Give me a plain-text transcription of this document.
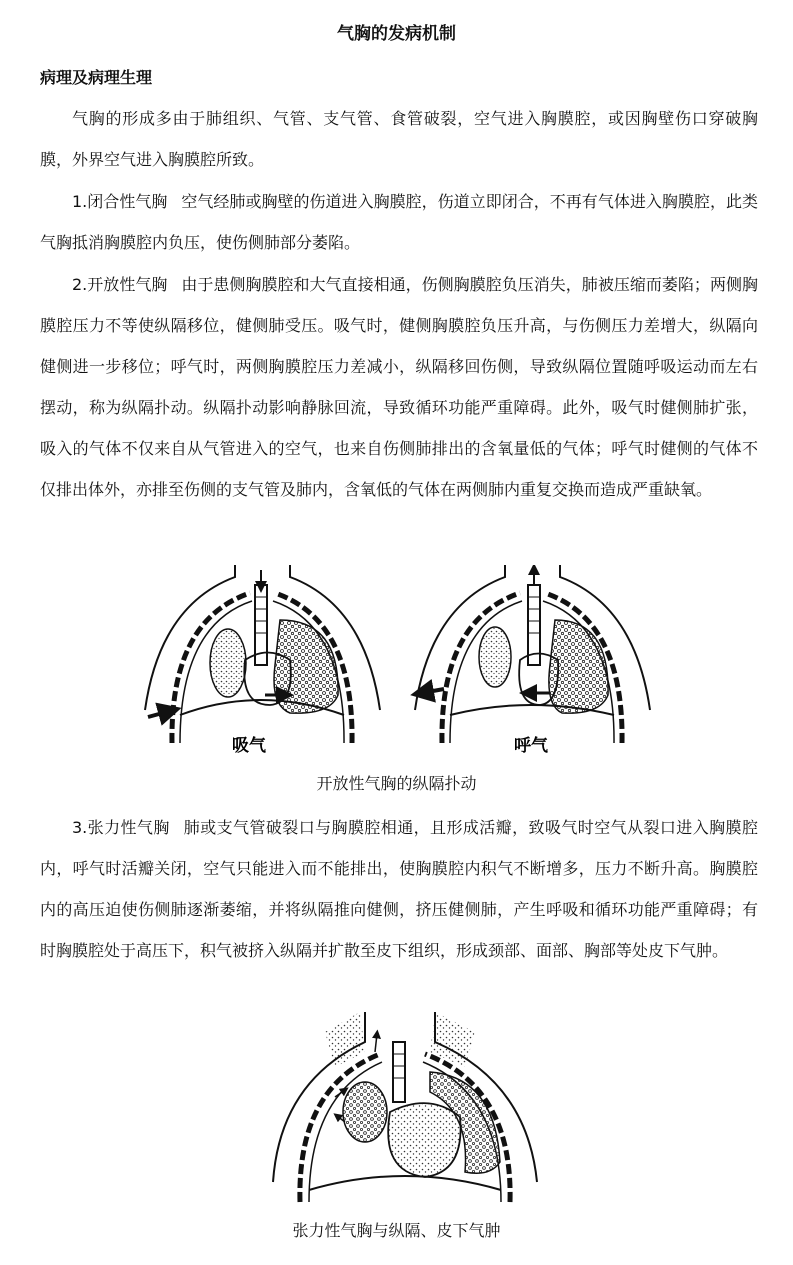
气胸的发病机制
病理及病理生理

气胸的形成多由于肺组织、气管、支气管、食管破裂，空气进入胸膜腔，或因胸壁伤口穿破胸膜，外界空气进入胸膜腔所致。

1.闭合性气胸 空气经肺或胸壁的伤道进入胸膜腔，伤道立即闭合，不再有气体进入胸膜腔，此类气胸抵消胸膜腔内负压，使伤侧肺部分萎陷。

2.开放性气胸 由于患侧胸膜腔和大气直接相通，伤侧胸膜腔负压消失，肺被压缩而萎陷；两侧胸膜腔压力不等使纵隔移位，健侧肺受压。吸气时，健侧胸膜腔负压升高，与伤侧压力差增大，纵隔向健侧进一步移位；呼气时，两侧胸膜腔压力差减小，纵隔移回伤侧，导致纵隔位置随呼吸运动而左右摆动，称为纵隔扑动。纵隔扑动影响静脉回流，导致循环功能严重障碍。此外，吸气时健侧肺扩张，吸入的气体不仅来自从气管进入的空气，也来自伤侧肺排出的含氧量低的气体；呼气时健侧的气体不仅排出体外，亦排至伤侧的支气管及肺内，含氧低的气体在两侧肺内重复交换而造成严重缺氧。

吸气	呼气

开放性气胸的纵隔扑动

3.张力性气胸 肺或支气管破裂口与胸膜腔相通，且形成活瓣，致吸气时空气从裂口进入胸膜腔内，呼气时活瓣关闭，空气只能进入而不能排出，使胸膜腔内积气不断增多，压力不断升高。胸膜腔内的高压迫使伤侧肺逐渐萎缩，并将纵隔推向健侧，挤压健侧肺，产生呼吸和循环功能严重障碍；有时胸膜腔处于高压下，积气被挤入纵隔并扩散至皮下组织，形成颈部、面部、胸部等处皮下气肿。

张力性气胸与纵隔、皮下气肿
